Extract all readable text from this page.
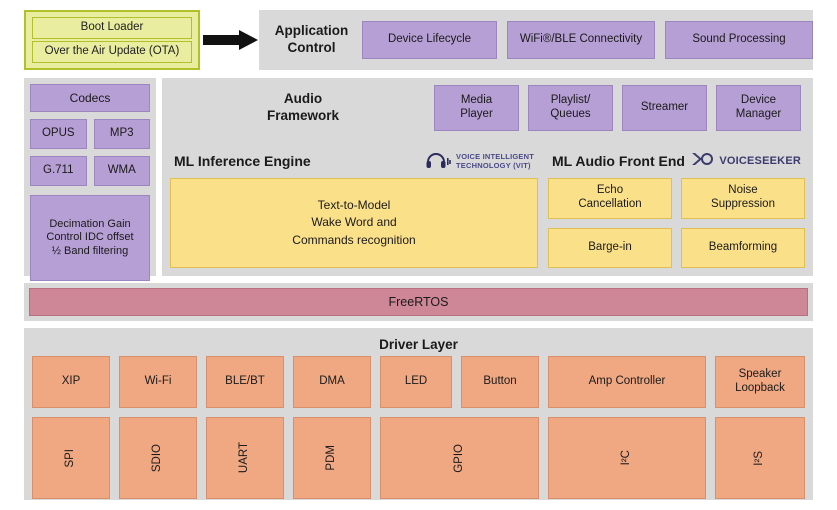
Boot Loader
Over the Air Update (OTA)
Application
Control
Device Lifecycle	WiFi®/BLE Connectivity	Sound Processing
Codecs
OPUS	MP3
G.711	WMA
Decimation Gain
Control IDC offset
½ Band filtering
Audio
Framework
Media
Player
Playlist/
Queues
Streamer
Device
Manager
ML Inference Engine	VOICE INTELLIGENT
TECHNOLOGY (VIT)
Text-to-Model
Wake Word and
Commands recognition
ML Audio Front End	VOICESEEKER
Echo
Cancellation
Noise
Suppression
Barge-in	Beamforming
FreeRTOS
Driver Layer
XIP	Wi-Fi	BLE/BT	DMA	LED	Button	Amp Controller
Speaker Loopback
SPI	SDIO	UART	PDM	GPIO	I²C	I²S
